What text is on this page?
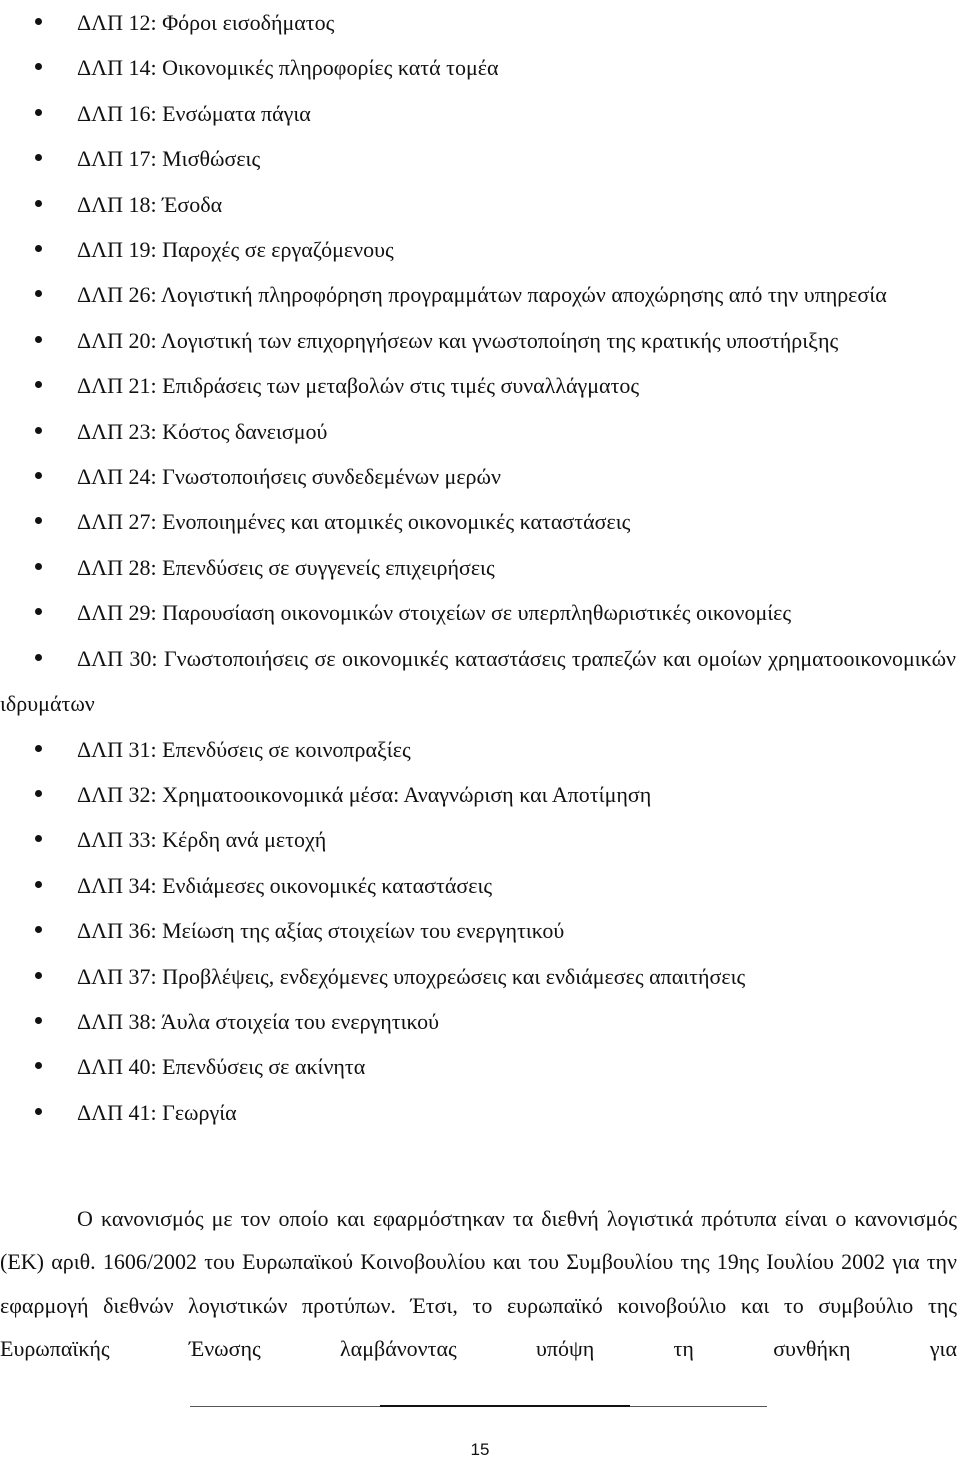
ΔΛΠ 12: Φόροι εισοδήματος
ΔΛΠ 14: Οικονομικές πληροφορίες κατά τομέα
ΔΛΠ 16: Ενσώματα πάγια
ΔΛΠ 17: Μισθώσεις
ΔΛΠ 18: Έσοδα
ΔΛΠ 19: Παροχές σε εργαζόμενους
ΔΛΠ 26: Λογιστική πληροφόρηση προγραμμάτων παροχών αποχώρησης από την υπηρεσία
ΔΛΠ 20: Λογιστική των επιχορηγήσεων και γνωστοποίηση της κρατικής υποστήριξης
ΔΛΠ 21: Επιδράσεις των μεταβολών στις τιμές συναλλάγματος
ΔΛΠ 23: Κόστος δανεισμού
ΔΛΠ 24: Γνωστοποιήσεις συνδεδεμένων μερών
ΔΛΠ 27: Ενοποιημένες και ατομικές οικονομικές καταστάσεις
ΔΛΠ 28: Επενδύσεις σε συγγενείς επιχειρήσεις
ΔΛΠ 29: Παρουσίαση οικονομικών στοιχείων σε υπερπληθωριστικές οικονομίες
ΔΛΠ 30: Γνωστοποιήσεις σε οικονομικές καταστάσεις τραπεζών και ομοίων χρηματοοικονομικών ιδρυμάτων
ΔΛΠ 31: Επενδύσεις σε κοινοπραξίες
ΔΛΠ 32: Χρηματοοικονομικά μέσα: Αναγνώριση και Αποτίμηση
ΔΛΠ 33: Κέρδη ανά μετοχή
ΔΛΠ 34: Ενδιάμεσες οικονομικές καταστάσεις
ΔΛΠ 36: Μείωση της αξίας στοιχείων του ενεργητικού
ΔΛΠ 37: Προβλέψεις, ενδεχόμενες υποχρεώσεις και ενδιάμεσες απαιτήσεις
ΔΛΠ 38: Άυλα στοιχεία του ενεργητικού
ΔΛΠ 40: Επενδύσεις σε ακίνητα
ΔΛΠ 41: Γεωργία

Ο κανονισμός με τον οποίο και εφαρμόστηκαν τα διεθνή λογιστικά πρότυπα είναι ο κανονισμός (ΕΚ) αριθ. 1606/2002 του Ευρωπαϊκού Κοινοβουλίου και του Συμβουλίου της 19ης Ιουλίου 2002 για την εφαρμογή διεθνών λογιστικών προτύπων. Έτσι, το ευρωπαϊκό κοινοβούλιο και το συμβούλιο της Ευρωπαϊκής Ένωσης λαμβάνοντας υπόψη τη συνθήκη για

15
